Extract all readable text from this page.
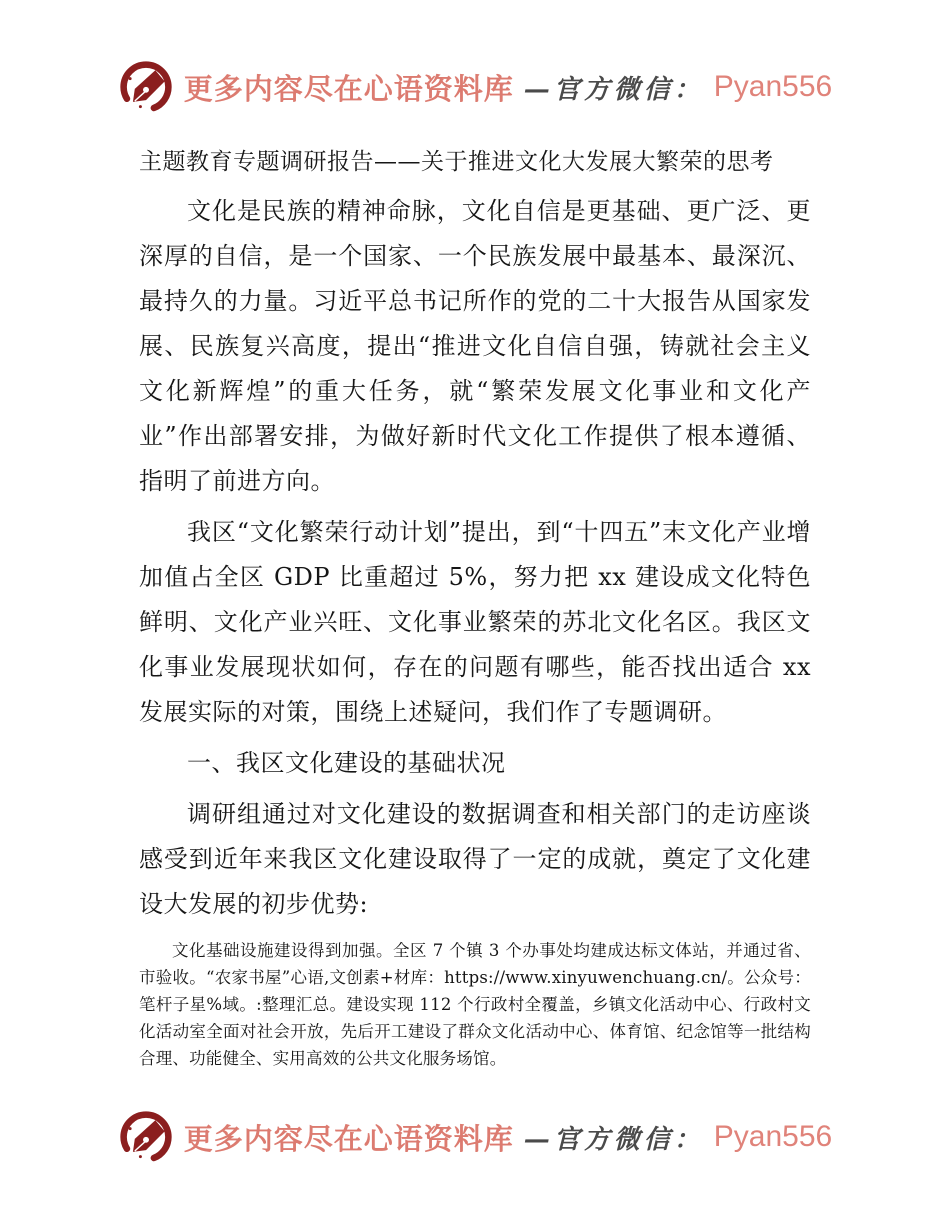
更多内容尽在心语资料库 —官方微信： Pyan556

主题教育专题调研报告——关于推进文化大发展大繁荣的思考

文化是民族的精神命脉，文化自信是更基础、更广泛、更深厚的自信，是一个国家、一个民族发展中最基本、最深沉、最持久的力量。习近平总书记所作的党的二十大报告从国家发展、民族复兴高度，提出“推进文化自信自强，铸就社会主义文化新辉煌”的重大任务，就“繁荣发展文化事业和文化产业”作出部署安排，为做好新时代文化工作提供了根本遵循、指明了前进方向。

我区“文化繁荣行动计划”提出，到“十四五”末文化产业增加值占全区 GDP 比重超过 5%，努力把 xx 建设成文化特色鲜明、文化产业兴旺、文化事业繁荣的苏北文化名区。我区文化事业发展现状如何，存在的问题有哪些，能否找出适合 xx 发展实际的对策，围绕上述疑问，我们作了专题调研。

一、我区文化建设的基础状况

调研组通过对文化建设的数据调查和相关部门的走访座谈感受到近年来我区文化建设取得了一定的成就，奠定了文化建设大发展的初步优势:

文化基础设施建设得到加强。全区 7 个镇 3 个办事处均建成达标文体站，并通过省、市验收。“农家书屋”心语,文创素+材库：https://www.xinyuwenchuang.cn/。公众号：笔杆子星%域。:整理汇总。建设实现 112 个行政村全覆盖，乡镇文化活动中心、行政村文化活动室全面对社会开放，先后开工建设了群众文化活动中心、体育馆、纪念馆等一批结构合理、功能健全、实用高效的公共文化服务场馆。

更多内容尽在心语资料库 —官方微信： Pyan556
